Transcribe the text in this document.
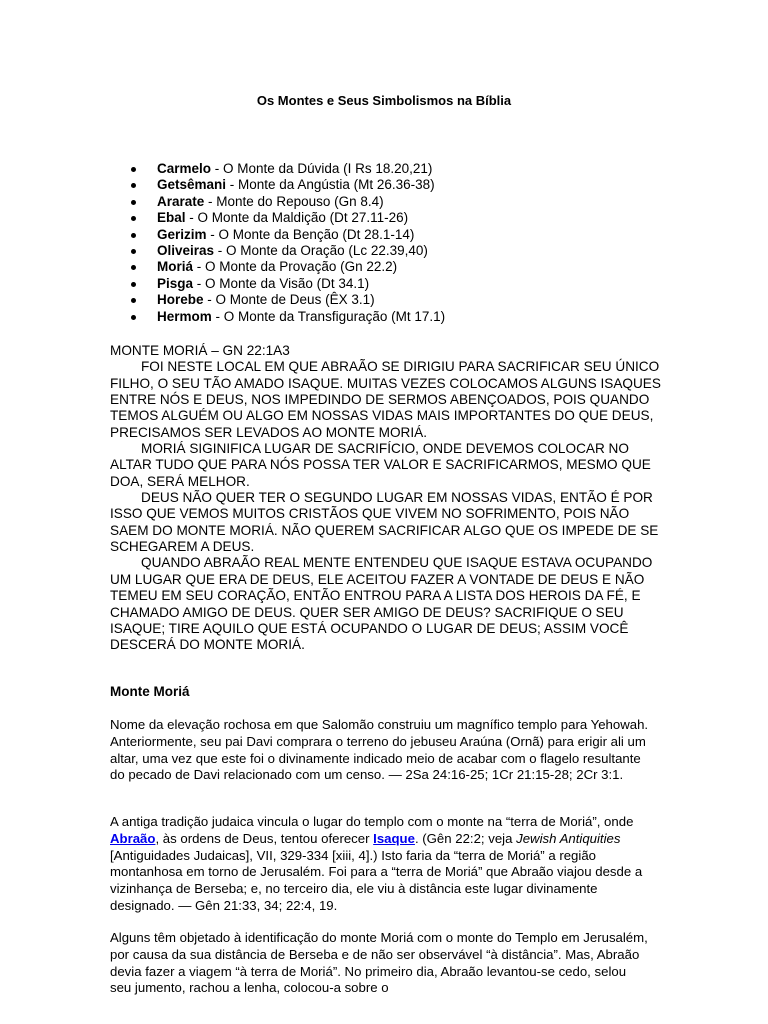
Os Montes e Seus Simbolismos na Bíblia
Carmelo - O Monte da Dúvida (I Rs 18.20,21)
Getsêmani - Monte da Angústia (Mt 26.36-38)
Ararate - Monte do Repouso (Gn 8.4)
Ebal - O Monte da Maldição (Dt 27.11-26)
Gerizim - O Monte da Benção (Dt 28.1-14)
Oliveiras - O Monte da Oração (Lc 22.39,40)
Moriá - O Monte da Provação (Gn 22.2)
Pisga - O Monte da Visão (Dt 34.1)
Horebe - O Monte de Deus (ÊX 3.1)
Hermom - O Monte da Transfiguração (Mt 17.1)

MONTE MORIÁ – GN 22:1A3

FOI NESTE LOCAL EM QUE ABRAÃO SE DIRIGIU PARA SACRIFICAR SEU ÚNICO FILHO, O SEU TÃO AMADO ISAQUE. MUITAS VEZES COLOCAMOS ALGUNS ISAQUES ENTRE NÓS E DEUS, NOS IMPEDINDO DE SERMOS ABENÇOADOS, POIS QUANDO TEMOS ALGUÉM OU ALGO EM NOSSAS VIDAS MAIS IMPORTANTES DO QUE DEUS, PRECISAMOS SER LEVADOS AO MONTE MORIÁ.

MORIÁ SIGINIFICA LUGAR DE SACRIFÍCIO, ONDE DEVEMOS COLOCAR NO ALTAR TUDO QUE PARA NÓS POSSA TER VALOR E SACRIFICARMOS, MESMO QUE DOA, SERÁ MELHOR.

DEUS NÃO QUER TER O SEGUNDO LUGAR EM NOSSAS VIDAS, ENTÃO É POR ISSO QUE VEMOS MUITOS CRISTÃOS QUE VIVEM NO SOFRIMENTO, POIS NÃO SAEM DO MONTE MORIÁ. NÃO QUEREM SACRIFICAR ALGO QUE OS IMPEDE DE SE SCHEGAREM A DEUS.

QUANDO ABRAÃO REAL MENTE ENTENDEU QUE ISAQUE ESTAVA OCUPANDO UM LUGAR QUE ERA DE DEUS, ELE ACEITOU FAZER A VONTADE DE DEUS E NÃO TEMEU EM SEU CORAÇÃO, ENTÃO ENTROU PARA A LISTA DOS HEROIS DA FÉ, E CHAMADO AMIGO DE DEUS. QUER SER AMIGO DE DEUS? SACRIFIQUE O SEU ISAQUE; TIRE AQUILO QUE ESTÁ OCUPANDO O LUGAR DE DEUS; ASSIM VOCÊ DESCERÁ DO MONTE MORIÁ.

Monte Moriá

Nome da elevação rochosa em que Salomão construiu um magnífico templo para Yehowah. Anteriormente, seu pai Davi comprara o terreno do jebuseu Araúna (Ornã) para erigir ali um altar, uma vez que este foi o divinamente indicado meio de acabar com o flagelo resultante do pecado de Davi relacionado com um censo. — 2Sa 24:16-25; 1Cr 21:15-28; 2Cr 3:1.

A antiga tradição judaica vincula o lugar do templo com o monte na “terra de Moriá”, onde Abraão, às ordens de Deus, tentou oferecer Isaque. (Gên 22:2; veja Jewish Antiquities [Antiguidades Judaicas], VII, 329-334 [xiii, 4].) Isto faria da “terra de Moriá” a região montanhosa em torno de Jerusalém. Foi para a “terra de Moriá” que Abraão viajou desde a vizinhança de Berseba; e, no terceiro dia, ele viu à distância este lugar divinamente designado. — Gên 21:33, 34; 22:4, 19.

Alguns têm objetado à identificação do monte Moriá com o monte do Templo em Jerusalém, por causa da sua distância de Berseba e de não ser observável “à distância”. Mas, Abraão devia fazer a viagem “à terra de Moriá”. No primeiro dia, Abraão levantou-se cedo, selou seu jumento, rachou a lenha, colocou-a sobre o
